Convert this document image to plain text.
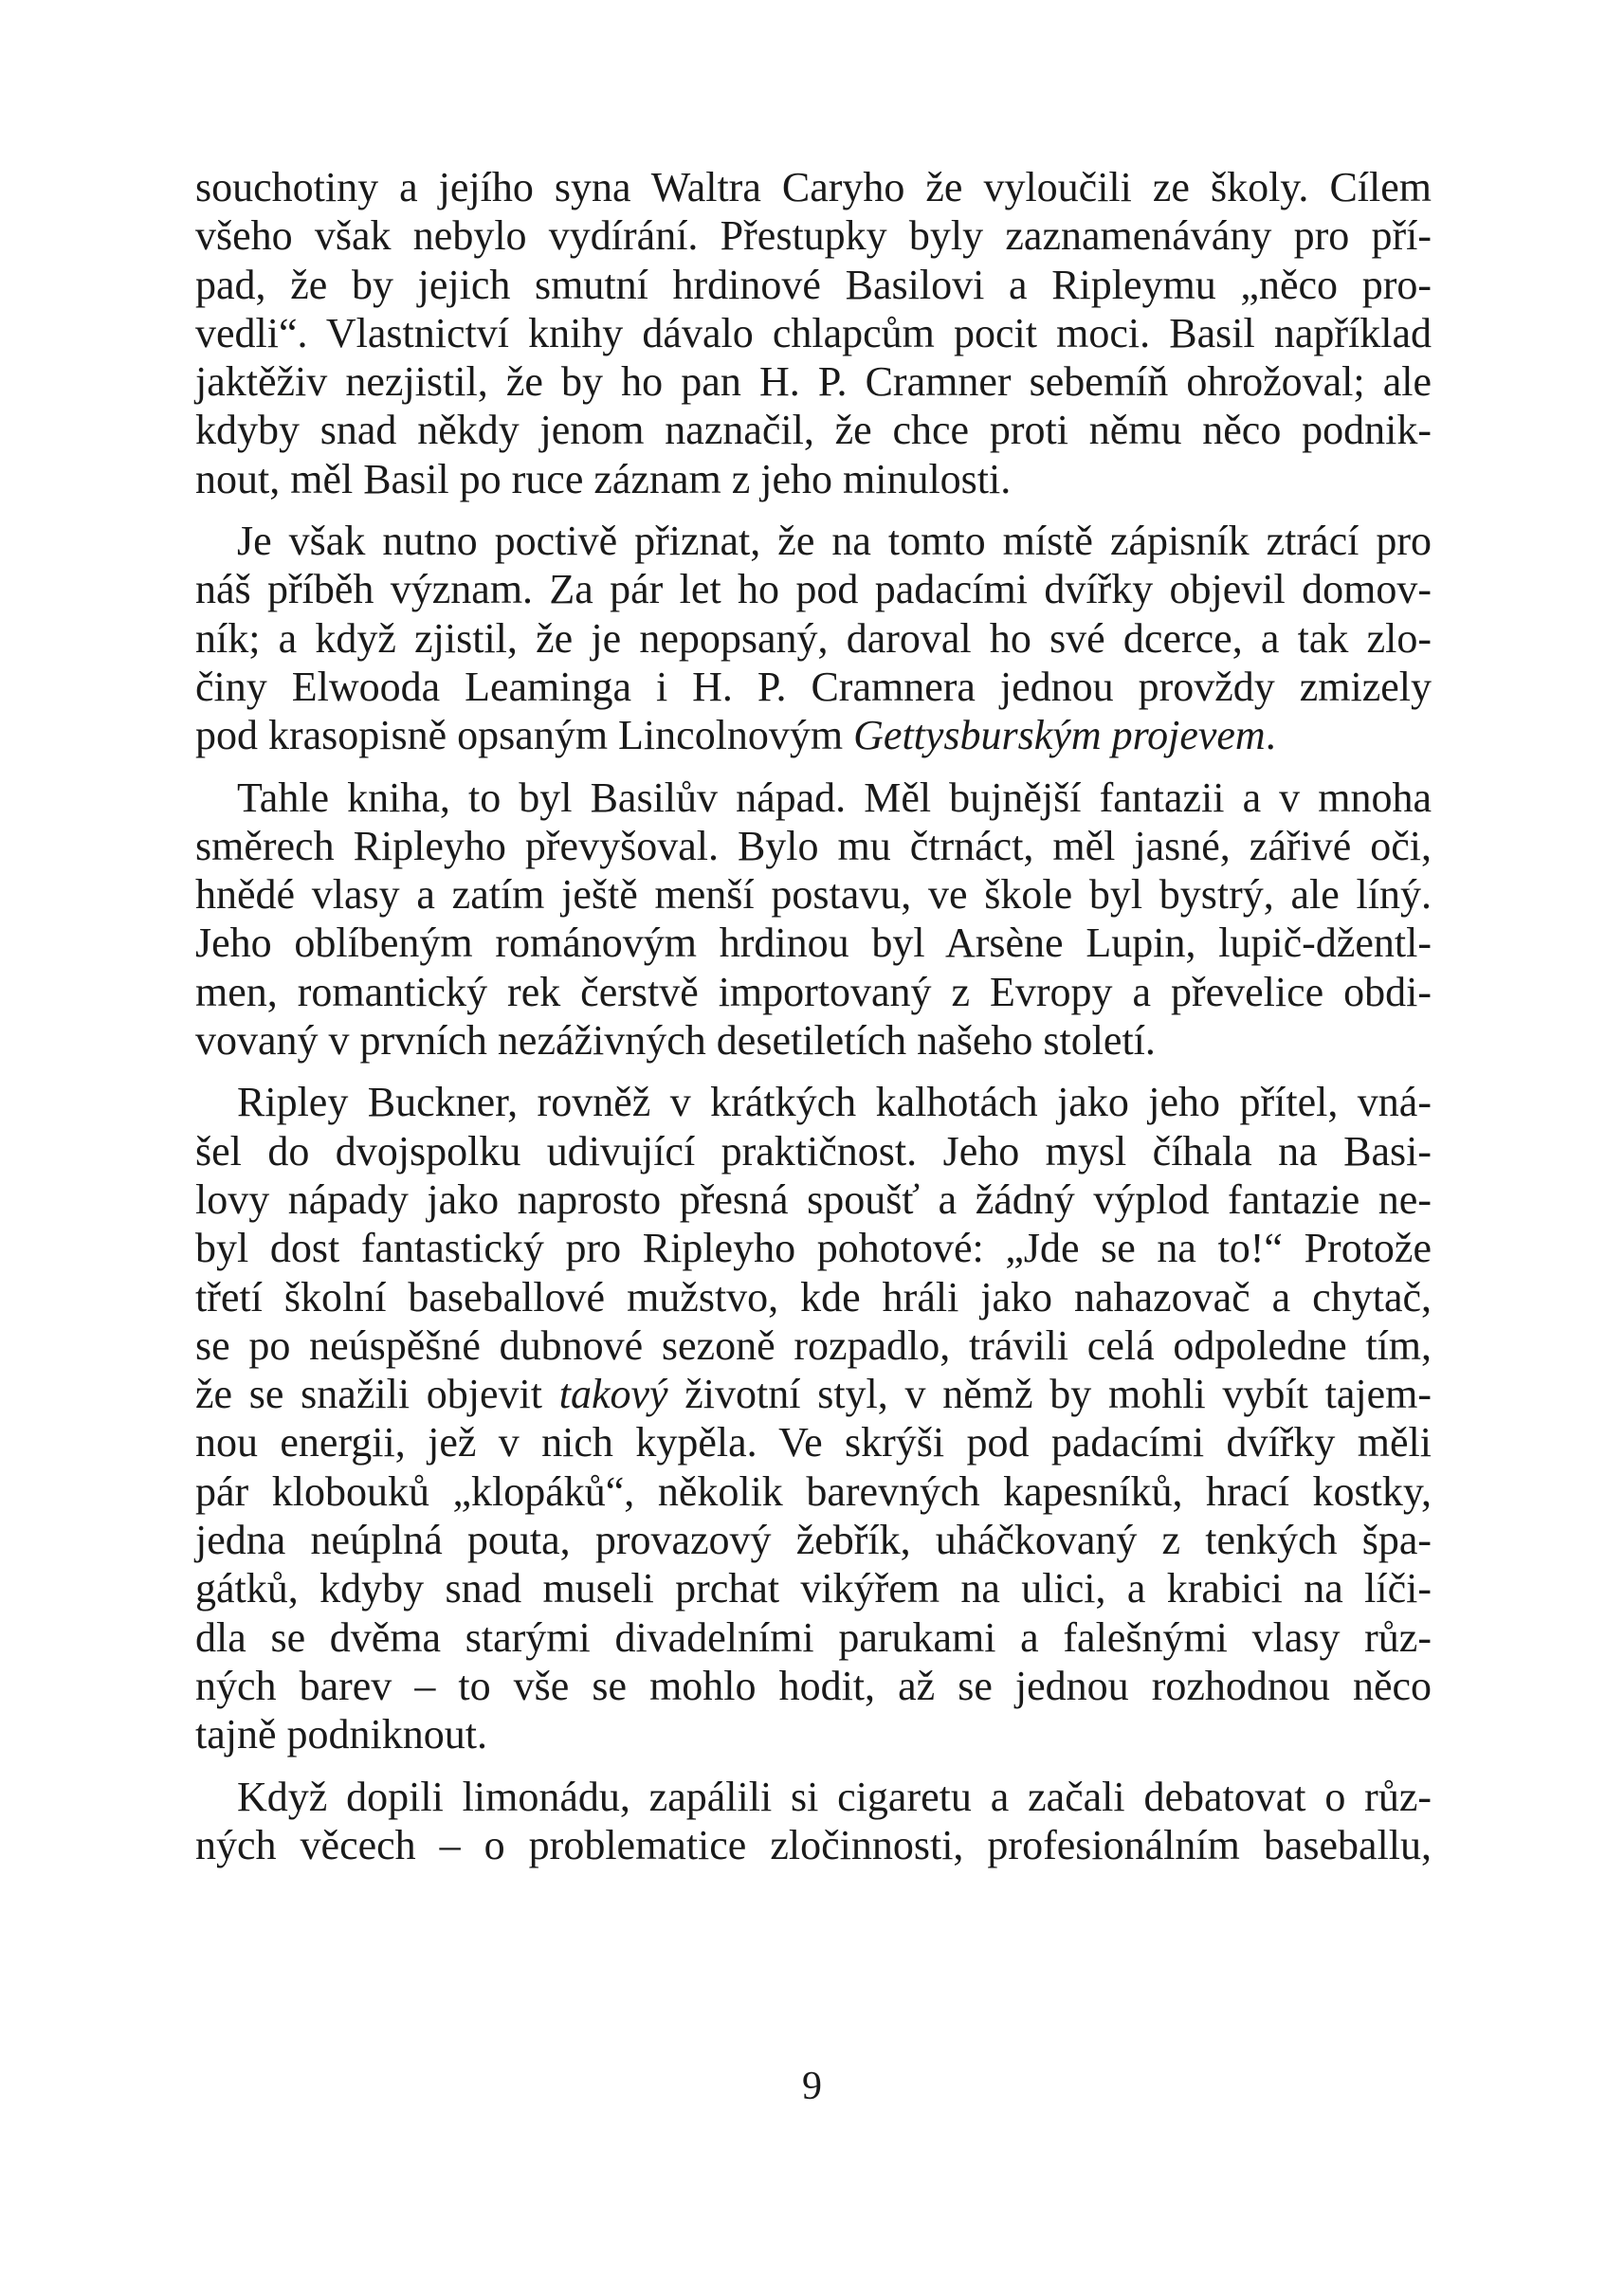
souchotiny a jejího syna Waltra Caryho že vyloučili ze školy. Cílem
všeho však nebylo vydírání. Přestupky byly zaznamenávány pro pří-
pad, že by jejich smutní hrdinové Basilovi a Ripleymu „něco pro-
vedli“. Vlastnictví knihy dávalo chlapcům pocit moci. Basil například
jaktěživ nezjistil, že by ho pan H. P. Cramner sebemíň ohrožoval; ale
kdyby snad někdy jenom naznačil, že chce proti němu něco podnik-
nout, měl Basil po ruce záznam z jeho minulosti.
Je však nutno poctivě přiznat, že na tomto místě zápisník ztrácí pro
náš příběh význam. Za pár let ho pod padacími dvířky objevil domov-
ník; a když zjistil, že je nepopsaný, daroval ho své dcerce, a tak zlo-
činy Elwooda Leaminga i H. P. Cramnera jednou provždy zmizely
pod krasopisně opsaným Lincolnovým Gettysburským projevem.
Tahle kniha, to byl Basilův nápad. Měl bujnější fantazii a v mnoha
směrech Ripleyho převyšoval. Bylo mu čtrnáct, měl jasné, zářivé oči,
hnědé vlasy a zatím ještě menší postavu, ve škole byl bystrý, ale líný.
Jeho oblíbeným románovým hrdinou byl Arsène Lupin, lupič-džentl-
men, romantický rek čerstvě importovaný z Evropy a převelice obdi-
vovaný v prvních nezáživných desetiletích našeho století.
Ripley Buckner, rovněž v krátkých kalhotách jako jeho přítel, vná-
šel do dvojspolku udivující praktičnost. Jeho mysl číhala na Basi-
lovy nápady jako naprosto přesná spoušť a žádný výplod fantazie ne-
byl dost fantastický pro Ripleyho pohotové: „Jde se na to!“ Protože
třetí školní baseballové mužstvo, kde hráli jako nahazovač a chytač,
se po neúspěšné dubnové sezoně rozpadlo, trávili celá odpoledne tím,
že se snažili objevit takový životní styl, v němž by mohli vybít tajem-
nou energii, jež v nich kypěla. Ve skrýši pod padacími dvířky měli
pár klobouků „klopáků“, několik barevných kapesníků, hrací kostky,
jedna neúplná pouta, provazový žebřík, uháčkovaný z tenkých špa-
gátků, kdyby snad museli prchat vikýřem na ulici, a krabici na líči-
dla se dvěma starými divadelními parukami a falešnými vlasy růz-
ných barev – to vše se mohlo hodit, až se jednou rozhodnou něco
tajně podniknout.
Když dopili limonádu, zapálili si cigaretu a začali debatovat o růz-
ných věcech – o problematice zločinnosti, profesionálním baseballu,
9
